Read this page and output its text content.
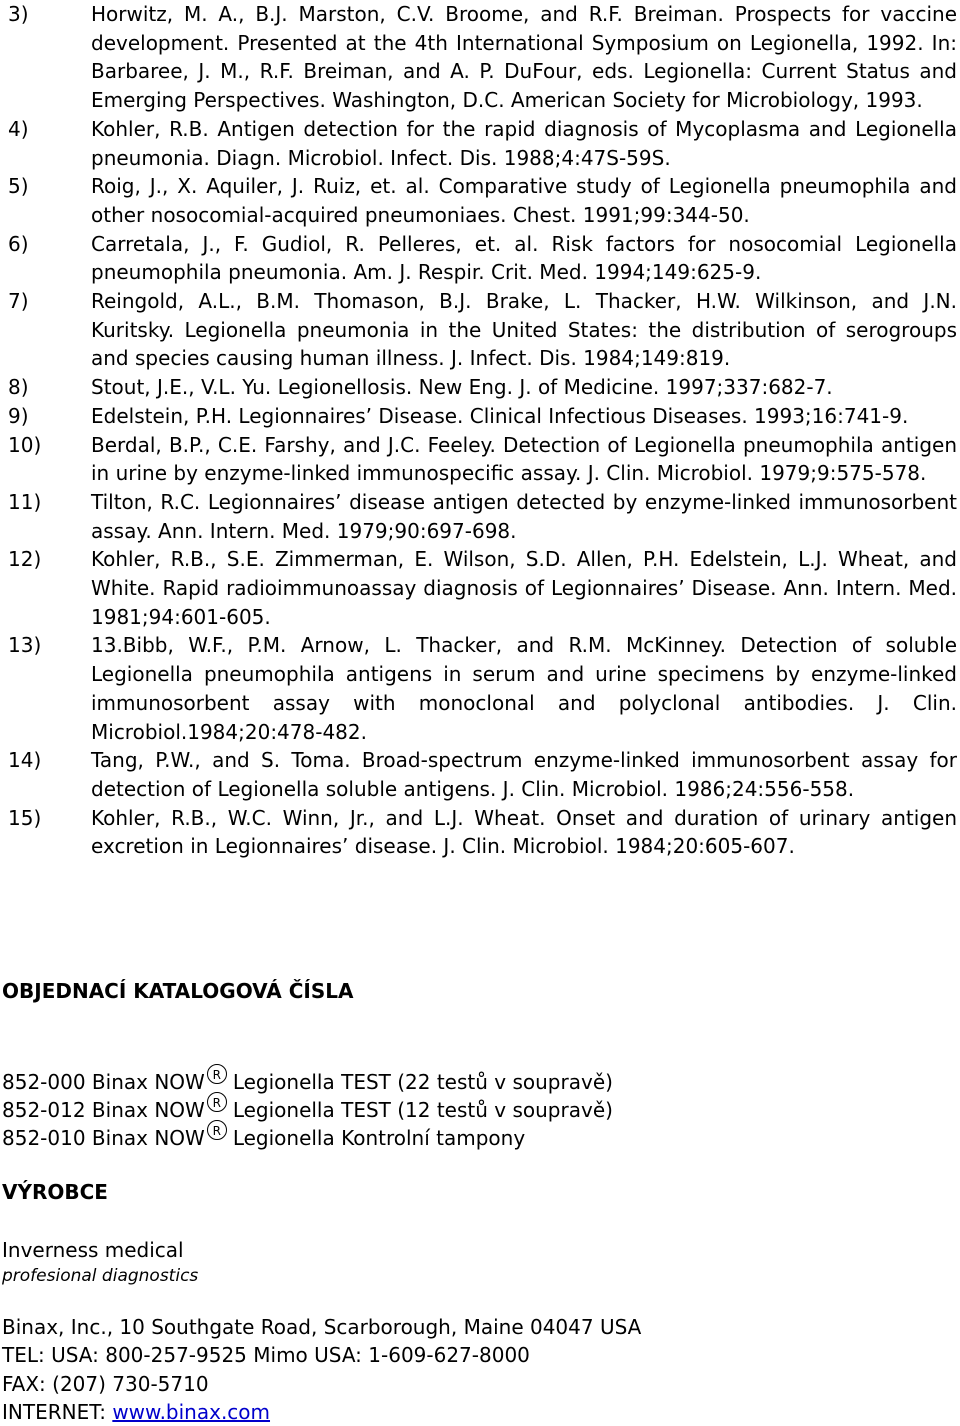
3)	Horwitz, M. A., B.J. Marston, C.V. Broome, and R.F. Breiman. Prospects for vaccine development. Presented at the 4th International Symposium on Legionella, 1992. In: Barbaree, J. M., R.F. Breiman, and A. P. DuFour, eds. Legionella: Current Status and Emerging Perspectives. Washington, D.C. American Society for Microbiology, 1993.
4)	Kohler, R.B. Antigen detection for the rapid diagnosis of Mycoplasma and Legionella pneumonia. Diagn. Microbiol. Infect. Dis. 1988;4:47S-59S.
5)	Roig, J., X. Aquiler, J. Ruiz, et. al. Comparative study of Legionella pneumophila and other nosocomial-acquired pneumoniaes. Chest. 1991;99:344-50.
6)	Carretala, J., F. Gudiol, R. Pelleres, et. al. Risk factors for nosocomial Legionella pneumophila pneumonia. Am. J. Respir. Crit. Med. 1994;149:625-9.
7)	Reingold, A.L., B.M. Thomason, B.J. Brake, L. Thacker, H.W. Wilkinson, and J.N. Kuritsky. Legionella pneumonia in the United States: the distribution of serogroups and species causing human illness. J. Infect. Dis. 1984;149:819.
8)	Stout, J.E., V.L. Yu. Legionellosis. New Eng. J. of Medicine. 1997;337:682-7.
9)	Edelstein, P.H. Legionnaires’ Disease. Clinical Infectious Diseases. 1993;16:741-9.
10)	Berdal, B.P., C.E. Farshy, and J.C. Feeley. Detection of Legionella pneumophila antigen in urine by enzyme-linked immunospecific assay. J. Clin. Microbiol. 1979;9:575-578.
11)	Tilton, R.C. Legionnaires’ disease antigen detected by enzyme-linked immunosorbent assay. Ann. Intern. Med. 1979;90:697-698.
12)	Kohler, R.B., S.E. Zimmerman, E. Wilson, S.D. Allen, P.H. Edelstein, L.J. Wheat, and White. Rapid radioimmunoassay diagnosis of Legionnaires’ Disease. Ann. Intern. Med. 1981;94:601-605.
13)	13.Bibb, W.F., P.M. Arnow, L. Thacker, and R.M. McKinney. Detection of soluble Legionella pneumophila antigens in serum and urine specimens by enzyme-linked immunosorbent assay with monoclonal and polyclonal antibodies. J. Clin. Microbiol.1984;20:478-482.
14)	Tang, P.W., and S. Toma. Broad-spectrum enzyme-linked immunosorbent assay for detection of Legionella soluble antigens. J. Clin. Microbiol. 1986;24:556-558.
15)	Kohler, R.B., W.C. Winn, Jr., and L.J. Wheat. Onset and duration of urinary antigen excretion in Legionnaires’ disease. J. Clin. Microbiol. 1984;20:605-607.
OBJEDNACÍ KATALOGOVÁ ČÍSLA
852-000 Binax NOW R Legionella TEST (22 testů v soupravě)
852-012 Binax NOW R Legionella TEST (12 testů v soupravě)
852-010 Binax NOW R Legionella Kontrolní tampony
VÝROBCE
Inverness medical
profesional diagnostics
Binax, Inc., 10 Southgate Road, Scarborough, Maine 04047 USA
TEL: USA: 800-257-9525 Mimo USA: 1-609-627-8000
FAX: (207) 730-5710
INTERNET: www.binax.com
